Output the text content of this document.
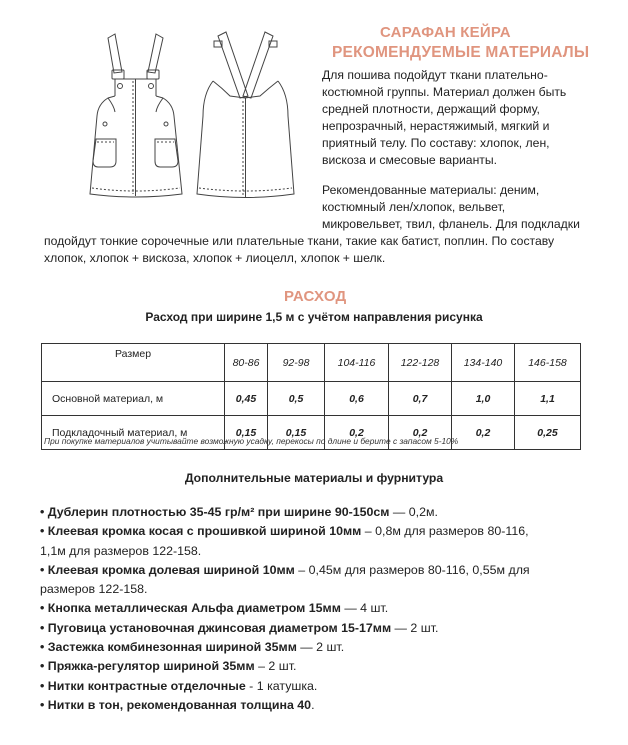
САРАФАН КЕЙРА
РЕКОМЕНДУЕМЫЕ МАТЕРИАЛЫ
Для пошива подойдут ткани плательно-
костюмной группы. Материал должен быть
средней плотности, держащий форму,
непрозрачный, нерастяжимый, мягкий и
приятный телу. По составу: хлопок, лен,
вискоза и смесовые варианты.
Рекомендованные материалы: деним,
костюмный лен/хлопок, вельвет,
микровельвет, твил, фланель. Для подкладки
подойдут тонкие сорочечные или плательные ткани, такие как батист, поплин. По составу
хлопок, хлопок + вискоза, хлопок + лиоцелл, хлопок + шелк.
РАСХОД
Расход при ширине 1,5 м с учётом направления рисунка
Размер	80-86	92-98	104-116	122-128	134-140	146-158
Основной материал, м	0,45	0,5	0,6	0,7	1,0	1,1
Подкладочный материал, м	0,15	0,15	0,2	0,2	0,2	0,25
При покупке материалов учитывайте возможную усадку, перекосы по длине и берите с запасом 5-10%
Дополнительные материалы и фурнитура
• Дублерин плотностью 35-45 гр/м² при ширине 90-150см — 0,2м.
• Клеевая кромка косая с прошивкой шириной 10мм – 0,8м для размеров 80-116,
1,1м для размеров 122-158.
• Клеевая кромка долевая шириной 10мм – 0,45м для размеров 80-116, 0,55м для
размеров 122-158.
• Кнопка металлическая Альфа диаметром 15мм — 4 шт.
• Пуговица установочная джинсовая диаметром 15-17мм — 2 шт.
• Застежка комбинезонная шириной 35мм — 2 шт.
• Пряжка-регулятор шириной 35мм – 2 шт.
• Нитки контрастные отделочные - 1 катушка.
• Нитки в тон, рекомендованная толщина 40.
